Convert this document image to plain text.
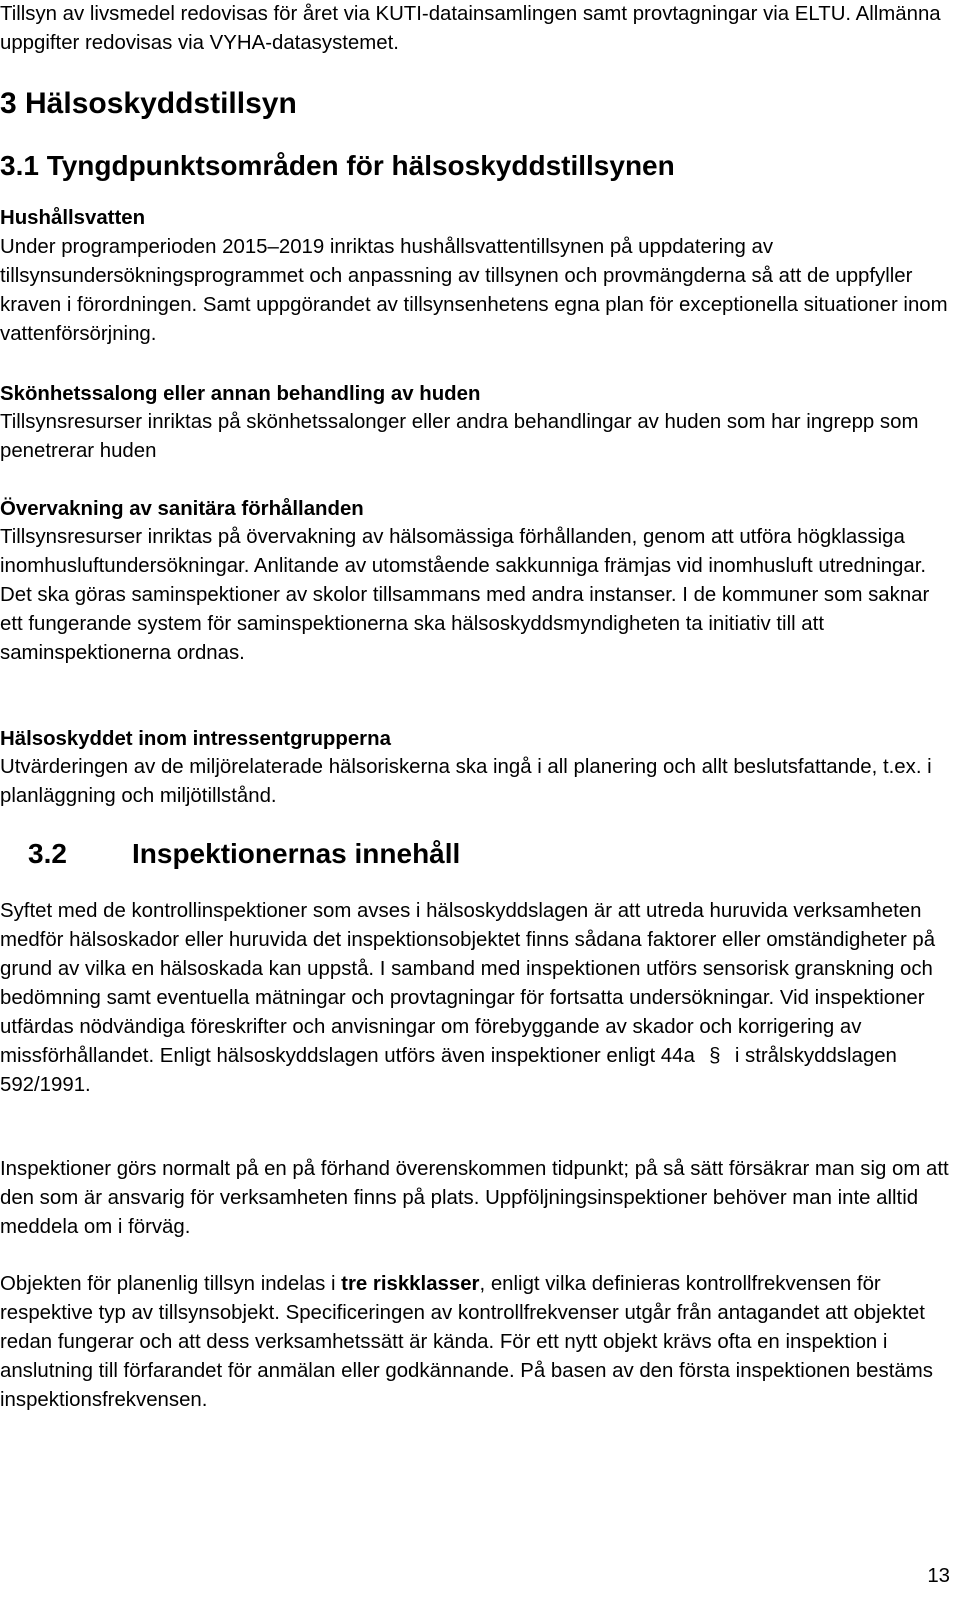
Tillsyn av livsmedel redovisas för året via KUTI-datainsamlingen samt provtagningar via ELTU. Allmänna uppgifter redovisas via VYHA-datasystemet.

3 Hälsoskyddstillsyn
3.1 Tyngdpunktsområden för hälsoskyddstillsynen
Hushållsvatten

Under programperioden 2015–2019 inriktas hushållsvattentillsynen på uppdatering av tillsynsundersökningsprogrammet och anpassning av tillsynen och provmängderna så att de uppfyller kraven i förordningen. Samt uppgörandet av tillsynsenhetens egna plan för exceptionella situationer inom vattenförsörjning.

Skönhetssalong eller annan behandling av huden

Tillsynsresurser inriktas på skönhetssalonger eller andra behandlingar av huden som har ingrepp som penetrerar huden

Övervakning av sanitära förhållanden

Tillsynsresurser inriktas på övervakning av hälsomässiga förhållanden, genom att utföra högklassiga inomhusluftundersökningar. Anlitande av utomstående sakkunniga främjas vid inomhusluft utredningar. Det ska göras saminspektioner av skolor tillsammans med andra instanser. I de kommuner som saknar ett fungerande system för saminspektionerna ska hälsoskyddsmyndigheten ta initiativ till att saminspektionerna ordnas.

Hälsoskyddet inom intressentgrupperna

Utvärderingen av de miljörelaterade hälsoriskerna ska ingå i all planering och allt beslutsfattande, t.ex. i planläggning och miljötillstånd.

3.2 Inspektionernas innehåll

Syftet med de kontrollinspektioner som avses i hälsoskyddslagen är att utreda huruvida verksamheten medför hälsoskador eller huruvida det inspektionsobjektet finns sådana faktorer eller omständigheter på grund av vilka en hälsoskada kan uppstå. I samband med inspektionen utförs sensorisk granskning och bedömning samt eventuella mätningar och provtagningar för fortsatta undersökningar. Vid inspektioner utfärdas nödvändiga föreskrifter och anvisningar om förebyggande av skador och korrigering av missförhållandet. Enligt hälsoskyddslagen utförs även inspektioner enligt 44a § i strålskyddslagen 592/1991.

Inspektioner görs normalt på en på förhand överenskommen tidpunkt; på så sätt försäkrar man sig om att den som är ansvarig för verksamheten finns på plats. Uppföljningsinspektioner behöver man inte alltid meddela om i förväg.

Objekten för planenlig tillsyn indelas i tre riskklasser, enligt vilka definieras kontrollfrekvensen för respektive typ av tillsynsobjekt. Specificeringen av kontrollfrekvenser utgår från antagandet att objektet redan fungerar och att dess verksamhetssätt är kända. För ett nytt objekt krävs ofta en inspektion i anslutning till förfarandet för anmälan eller godkännande. På basen av den första inspektionen bestäms inspektionsfrekvensen.

13
